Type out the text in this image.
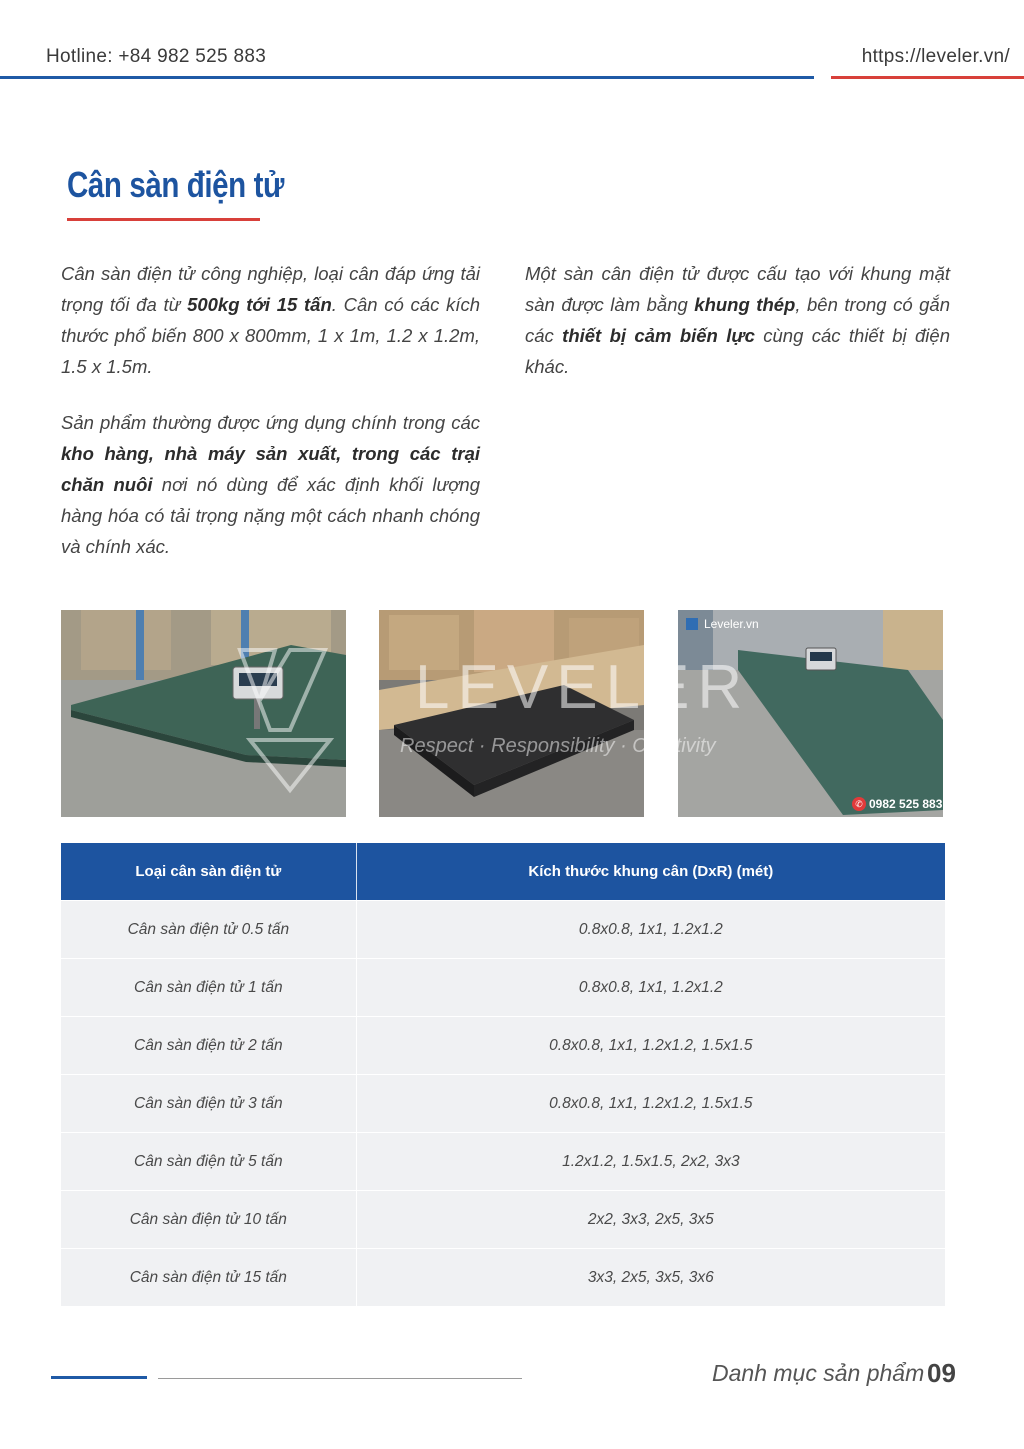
Hotline: +84 982 525 883	https://leveler.vn/
Cân sàn điện tử
Cân sàn điện tử công nghiệp, loại cân đáp ứng tải trọng tối đa từ 500kg tới 15 tấn. Cân có các kích thước phổ biến 800 x 800mm, 1 x 1m, 1.2 x 1.2m, 1.5 x 1.5m.
Sản phẩm thường được ứng dụng chính trong các kho hàng, nhà máy sản xuất, trong các trại chăn nuôi nơi nó dùng để xác định khối lượng hàng hóa có tải trọng nặng một cách nhanh chóng và chính xác.
Một sàn cân điện tử được cấu tạo với khung mặt sàn được làm bằng khung thép, bên trong có gắn các thiết bị cảm biến lực cùng các thiết bị điện khác.
Leveler.vn
✆ 0982 525 883
LEVELER
Respect · Responsibility · Creativity
Loại cân sàn điện tử	Kích thước khung cân (DxR) (mét)
Cân sàn điện tử 0.5 tấn	0.8x0.8, 1x1, 1.2x1.2
Cân sàn điện tử 1 tấn	0.8x0.8, 1x1, 1.2x1.2
Cân sàn điện tử 2 tấn	0.8x0.8, 1x1, 1.2x1.2, 1.5x1.5
Cân sàn điện tử 3 tấn	0.8x0.8, 1x1, 1.2x1.2, 1.5x1.5
Cân sàn điện tử 5 tấn	1.2x1.2, 1.5x1.5, 2x2, 3x3
Cân sàn điện tử 10 tấn	2x2, 3x3, 2x5, 3x5
Cân sàn điện tử 15 tấn	3x3, 2x5, 3x5, 3x6
Danh mục sản phẩm 09
